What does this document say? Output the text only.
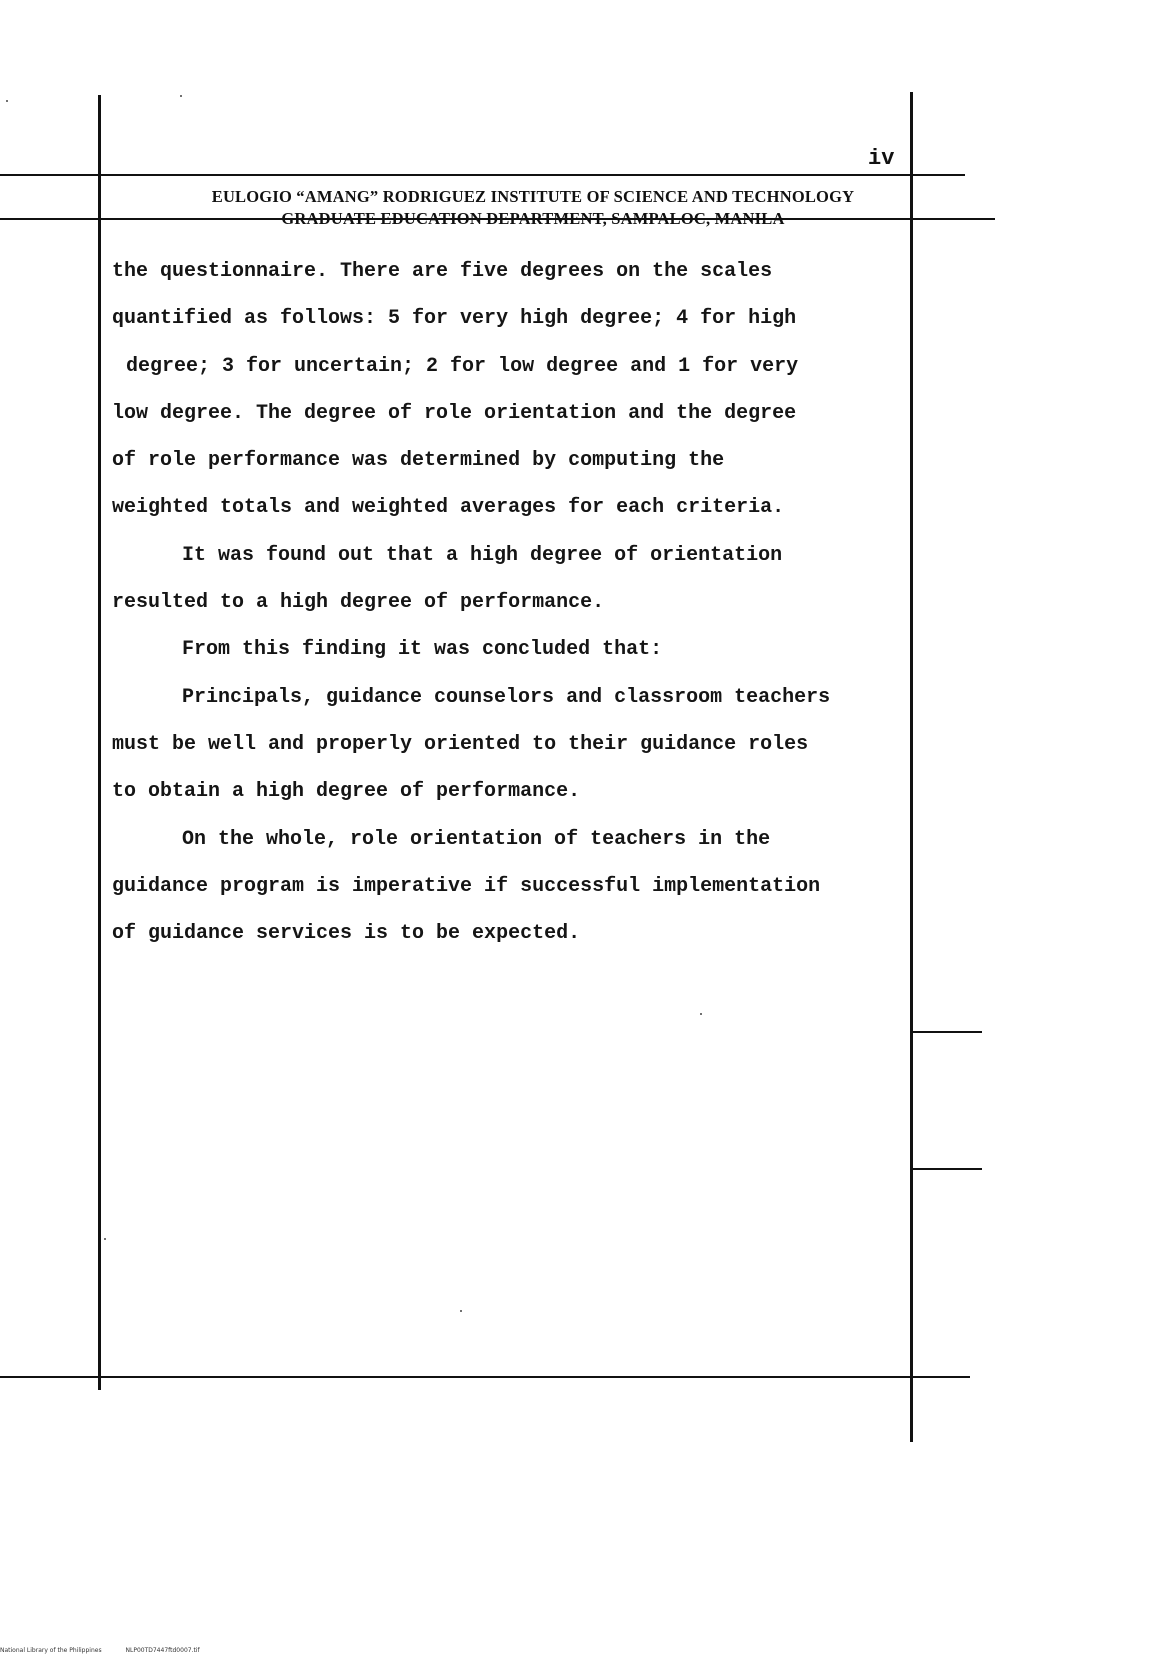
iv
EULOGIO “AMANG” RODRIGUEZ INSTITUTE OF SCIENCE AND TECHNOLOGY
GRADUATE EDUCATION DEPARTMENT, SAMPALOC, MANILA
the questionnaire. There are five degrees on the scales
quantified as follows: 5 for very high degree; 4 for high
degree; 3 for uncertain; 2 for low degree and 1 for very
low degree. The degree of role orientation and the degree
of role performance was determined by computing the
weighted totals and weighted averages for each criteria.
It was found out that a high degree of orientation
resulted to a high degree of performance.
From this finding it was concluded that:
Principals, guidance counselors and classroom teachers
must be well and properly oriented to their guidance roles
to obtain a high degree of performance.
On the whole, role orientation of teachers in the
guidance program is imperative if successful implementation
of guidance services is to be expected.
National Library of the Philippines	NLP00TD7447ftd0007.tif
